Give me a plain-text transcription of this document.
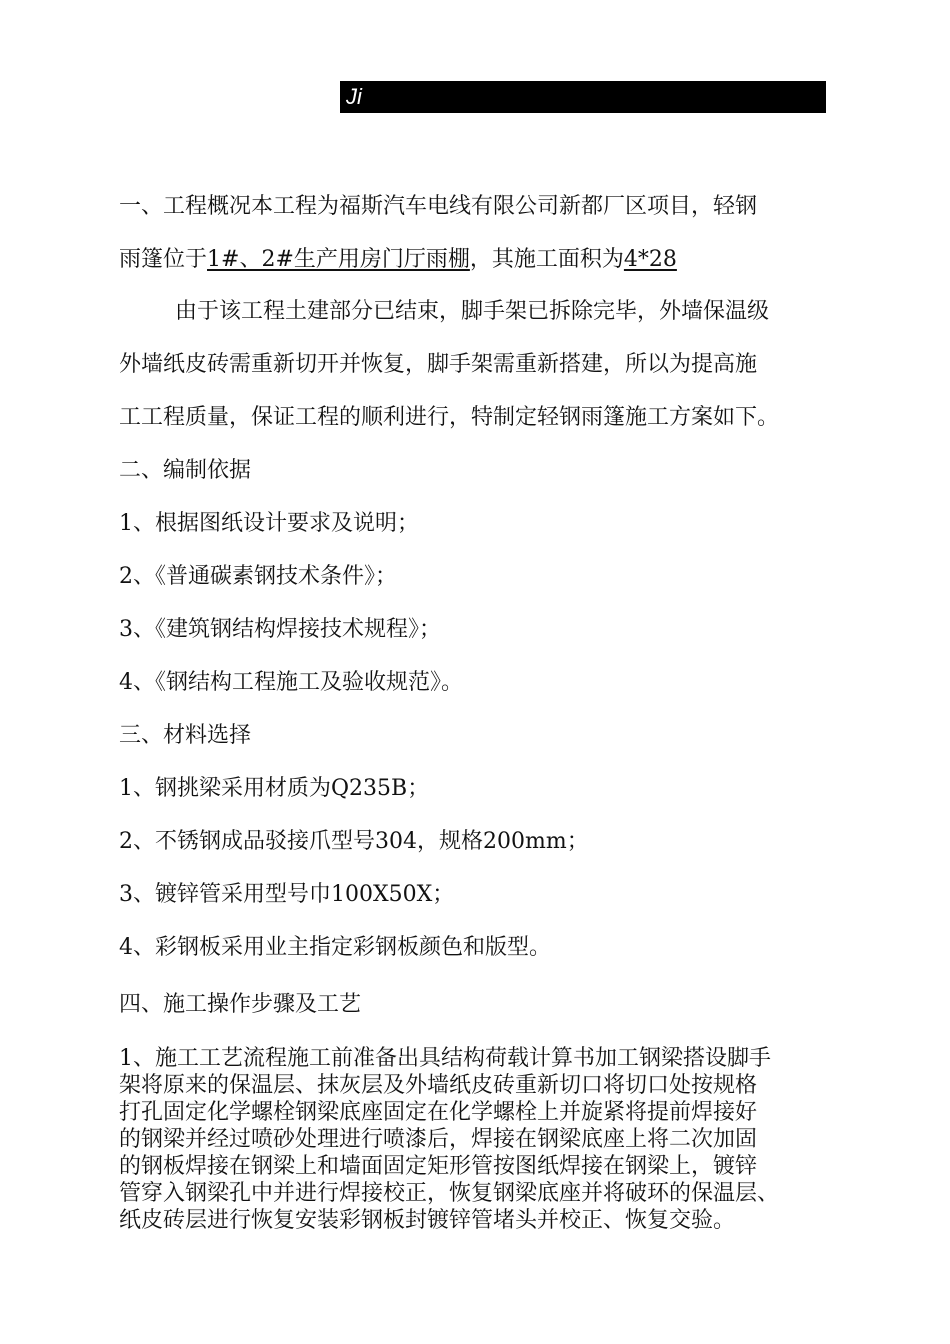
Ji
一、工程概况本工程为福斯汽车电线有限公司新都厂区项目，轻钢
雨篷位于1#、2#生产用房门厅雨棚，其施工面积为4*28
由于该工程土建部分已结束，脚手架已拆除完毕，外墙保温级
外墙纸皮砖需重新切开并恢复，脚手架需重新搭建，所以为提高施
工工程质量，保证工程的顺利进行，特制定轻钢雨篷施工方案如下。
二、编制依据
1、根据图纸设计要求及说明；
2、《普通碳素钢技术条件》；
3、《建筑钢结构焊接技术规程》；
4、《钢结构工程施工及验收规范》。
三、材料选择
1、钢挑梁采用材质为Q235B；
2、不锈钢成品驳接爪型号304，规格200mm；
3、镀锌管采用型号巾100X50X；
4、彩钢板采用业主指定彩钢板颜色和版型。
四、施工操作步骤及工艺
1、施工工艺流程施工前准备出具结构荷载计算书加工钢梁搭设脚手
架将原来的保温层、抹灰层及外墙纸皮砖重新切口将切口处按规格
打孔固定化学螺栓钢梁底座固定在化学螺栓上并旋紧将提前焊接好
的钢梁并经过喷砂处理进行喷漆后，焊接在钢梁底座上将二次加固
的钢板焊接在钢梁上和墙面固定矩形管按图纸焊接在钢梁上，镀锌
管穿入钢梁孔中并进行焊接校正，恢复钢梁底座并将破环的保温层、
纸皮砖层进行恢复安装彩钢板封镀锌管堵头并校正、恢复交验。
